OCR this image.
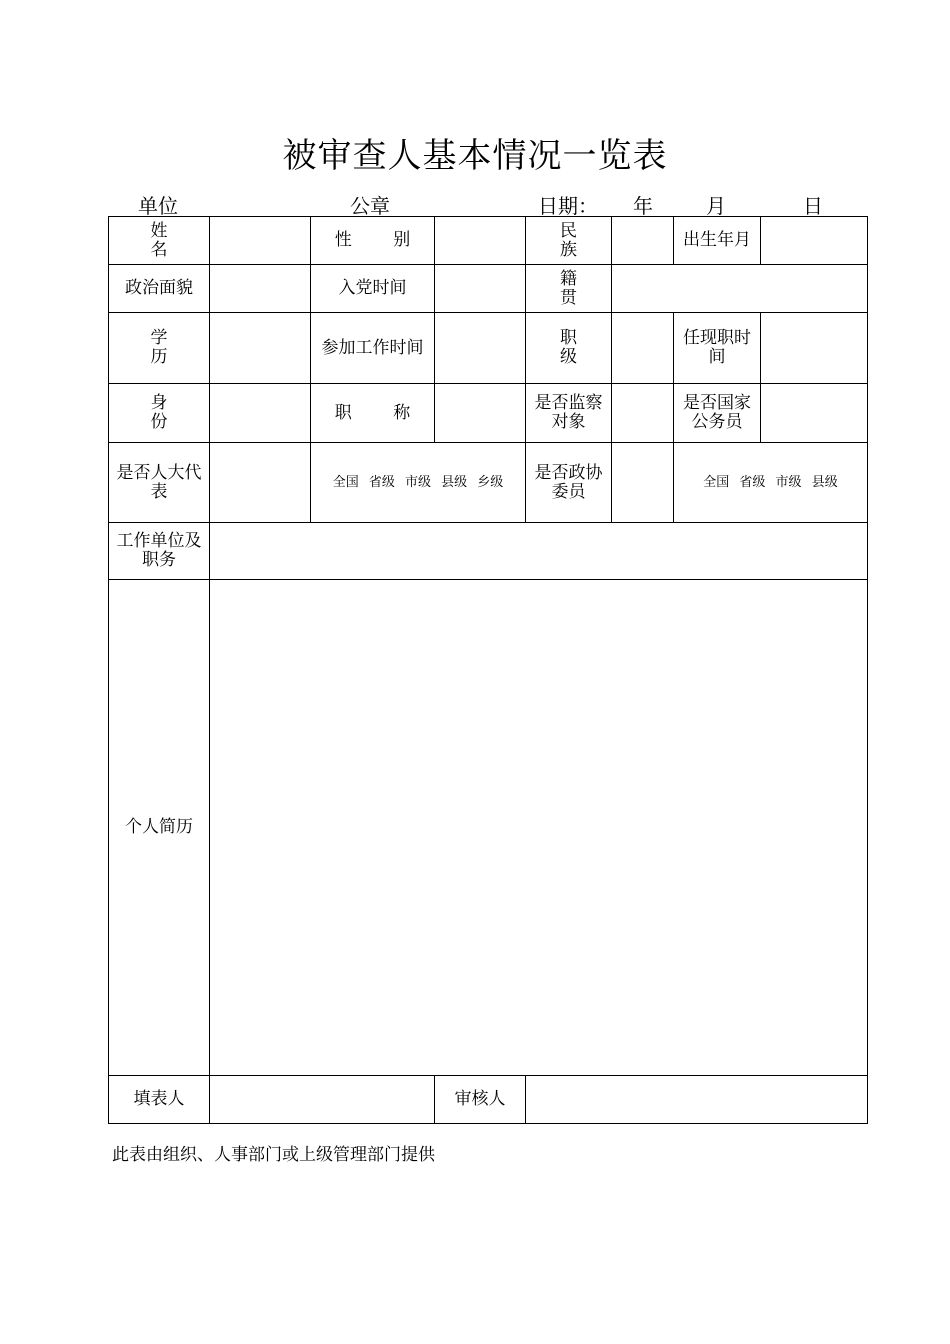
被审查人基本情况一览表
单位	公章	日期： 年	月	日
姓 名		性 别		民 族		出生年月	
政治面貌		入党时间		籍 贯			
学 历		参加工作时间		职 级		任现职时间	
身 份		职 称		是否监察对象		是否国家公务员	
是否人大代表		全国 省级 市级 县级 乡级		是否政协委员		全国 省级 市级 县级	
工作单位及职务							
个人简历							
填表人			审核人				
此表由组织、人事部门或上级管理部门提供
